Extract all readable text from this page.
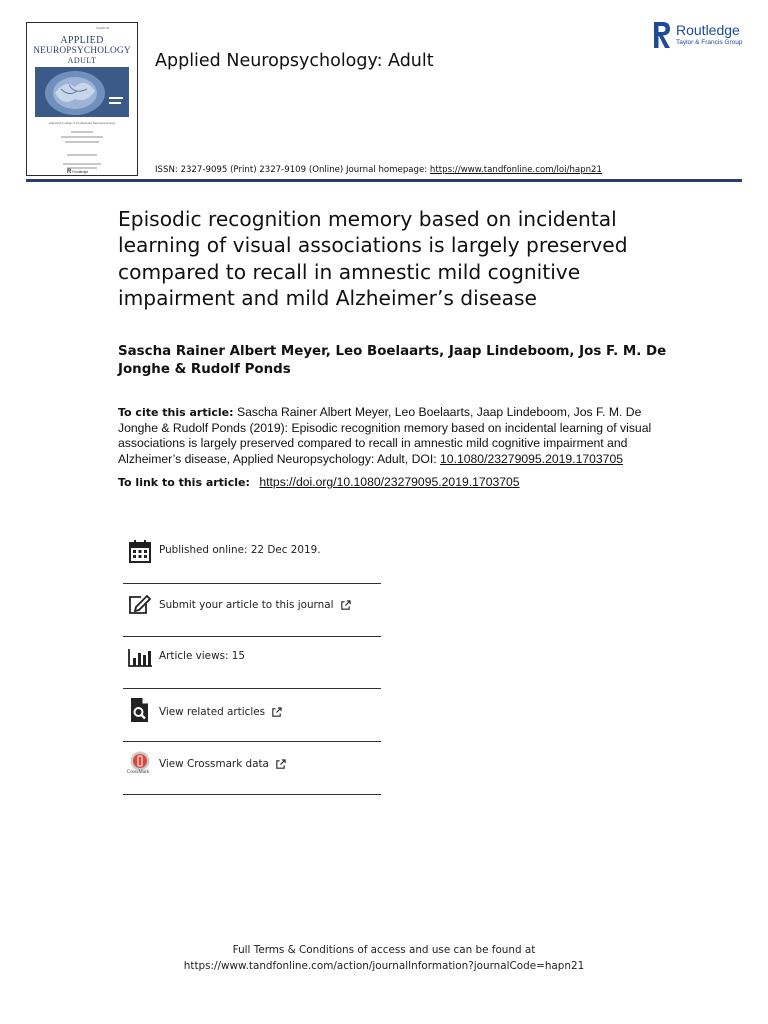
Volume 26
APPLIED
NEUROPSYCHOLOGY
ADULT
American College of Professional Neuropsychology
R Routledge
Applied Neuropsychology: Adult
Routledge
Taylor & Francis Group
ISSN: 2327-9095 (Print) 2327-9109 (Online) Journal homepage: https://www.tandfonline.com/loi/hapn21
Episodic recognition memory based on incidental learning of visual associations is largely preserved compared to recall in amnestic mild cognitive impairment and mild Alzheimer’s disease
Sascha Rainer Albert Meyer, Leo Boelaarts, Jaap Lindeboom, Jos F. M. De Jonghe & Rudolf Ponds
To cite this article: Sascha Rainer Albert Meyer, Leo Boelaarts, Jaap Lindeboom, Jos F. M. De Jonghe & Rudolf Ponds (2019): Episodic recognition memory based on incidental learning of visual associations is largely preserved compared to recall in amnestic mild cognitive impairment and Alzheimer’s disease, Applied Neuropsychology: Adult, DOI: 10.1080/23279095.2019.1703705
To link to this article: https://doi.org/10.1080/23279095.2019.1703705
Published online: 22 Dec 2019.
Submit your article to this journal
Article views: 15
View related articles
CrossMark
View Crossmark data
Full Terms & Conditions of access and use can be found at
https://www.tandfonline.com/action/journalInformation?journalCode=hapn21
